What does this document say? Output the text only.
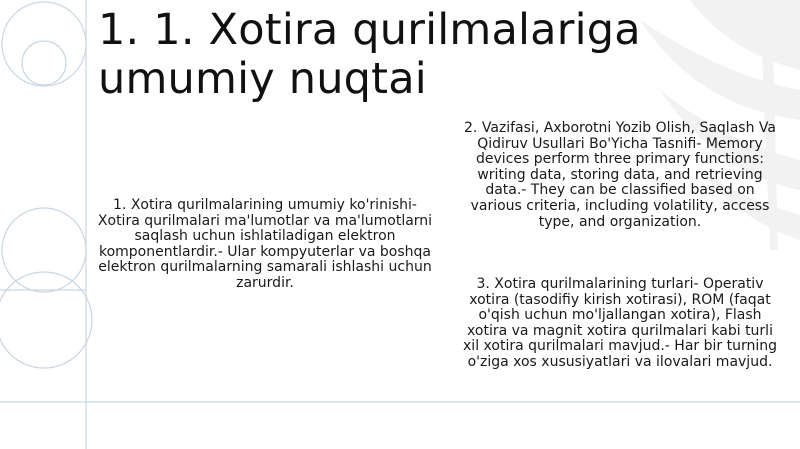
1. 1. Xotira qurilmalariga umumiy nuqtai
1. Xotira qurilmalarining umumiy ko'rinishi- Xotira qurilmalari ma'lumotlar va ma'lumotlarni saqlash uchun ishlatiladigan elektron komponentlardir.- Ular kompyuterlar va boshqa elektron qurilmalarning samarali ishlashi uchun zarurdir.
2. Vazifasi, Axborotni Yozib Olish, Saqlash Va Qidiruv Usullari Bo'Yicha Tasnifi- Memory devices perform three primary functions: writing data, storing data, and retrieving data.- They can be classified based on various criteria, including volatility, access type, and organization.
3. Xotira qurilmalarining turlari- Operativ xotira (tasodifiy kirish xotirasi), ROM (faqat o'qish uchun mo'ljallangan xotira), Flash xotira va magnit xotira qurilmalari kabi turli xil xotira qurilmalari mavjud.- Har bir turning o'ziga xos xususiyatlari va ilovalari mavjud.
